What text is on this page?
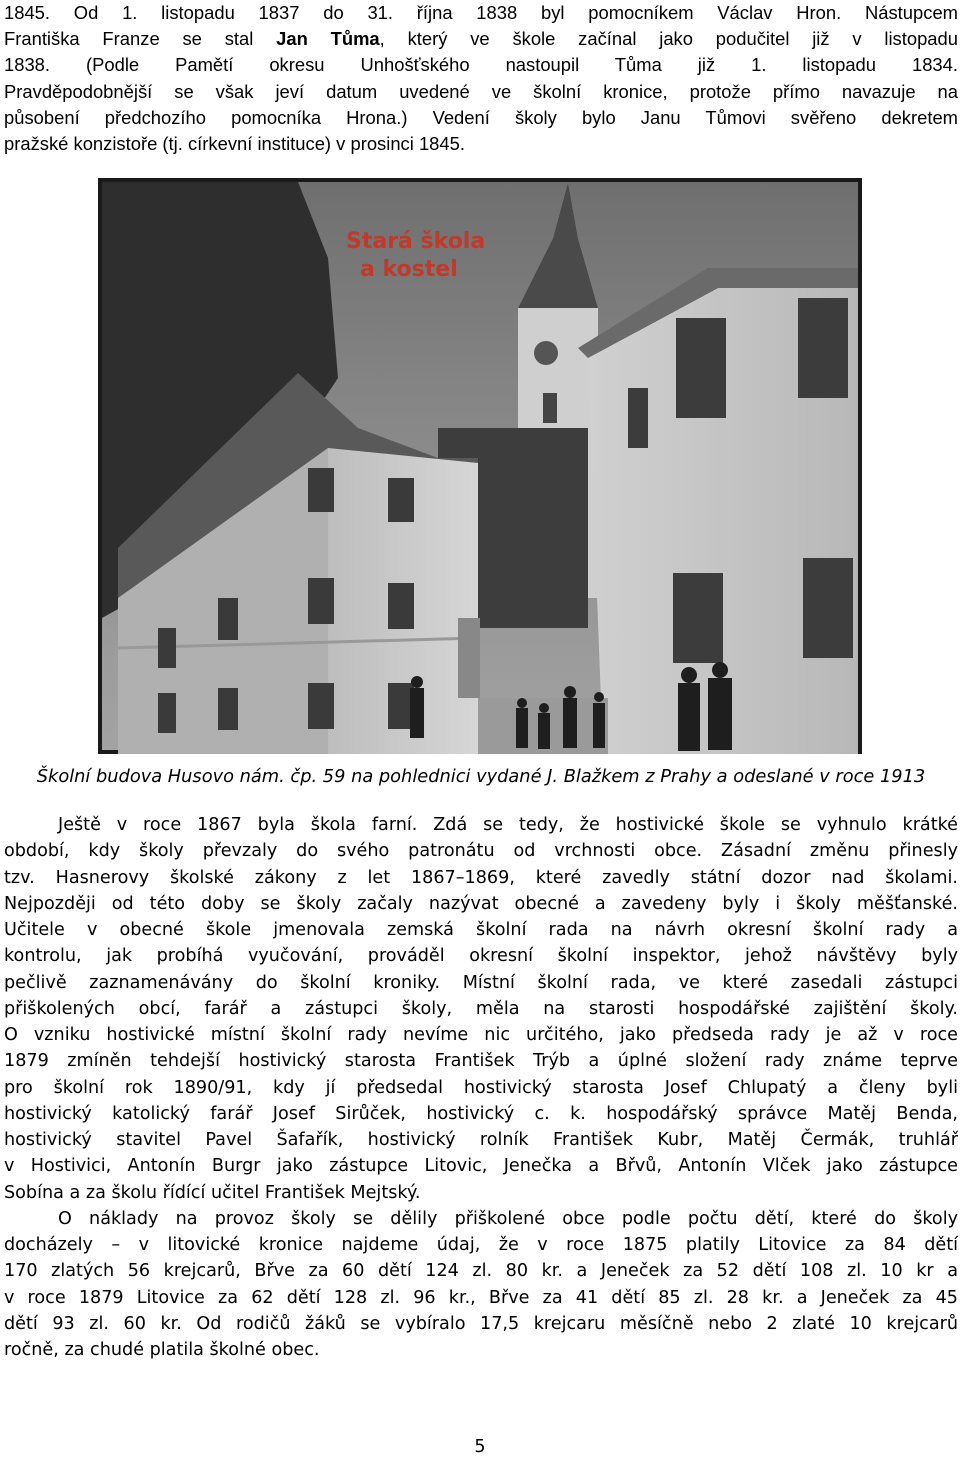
1845. Od 1. listopadu 1837 do 31. října 1838 byl pomocníkem Václav Hron. Nástupcem
Františka Franze se stal Jan Tůma, který ve škole začínal jako podučitel již v listopadu
1838. (Podle Pamětí okresu Unhošťského nastoupil Tůma již 1. listopadu 1834.
Pravděpodobnější se však jeví datum uvedené ve školní kronice, protože přímo navazuje na
působení předchozího pomocníka Hrona.) Vedení školy bylo Janu Tůmovi svěřeno dekretem
pražské konzistoře (tj. církevní instituce) v prosinci 1845.
Stará škola
a kostel
Školní budova Husovo nám. čp. 59 na pohlednici vydané J. Blažkem z Prahy a odeslané v roce 1913
Ještě v roce 1867 byla škola farní. Zdá se tedy, že hostivické škole se vyhnulo krátké
období, kdy školy převzaly do svého patronátu od vrchnosti obce. Zásadní změnu přinesly
tzv. Hasnerovy školské zákony z let 1867–1869, které zavedly státní dozor nad školami.
Nejpozději od této doby se školy začaly nazývat obecné a zavedeny byly i školy měšťanské.
Učitele v obecné škole jmenovala zemská školní rada na návrh okresní školní rady a
kontrolu, jak probíhá vyučování, prováděl okresní školní inspektor, jehož návštěvy byly
pečlivě zaznamenávány do školní kroniky. Místní školní rada, ve které zasedali zástupci
přiškolených obcí, farář a zástupci školy, měla na starosti hospodářské zajištění školy.
O vzniku hostivické místní školní rady nevíme nic určitého, jako předseda rady je až v roce
1879 zmíněn tehdejší hostivický starosta František Trýb a úplné složení rady známe teprve
pro školní rok 1890/91, kdy jí předsedal hostivický starosta Josef Chlupatý a členy byli
hostivický katolický farář Josef Sirůček, hostivický c. k. hospodářský správce Matěj Benda,
hostivický stavitel Pavel Šafařík, hostivický rolník František Kubr, Matěj Čermák, truhlář
v Hostivici, Antonín Burgr jako zástupce Litovic, Jenečka a Břvů, Antonín Vlček jako zástupce
Sobína a za školu řídící učitel František Mejtský.
O náklady na provoz školy se dělily přiškolené obce podle počtu dětí, které do školy
docházely – v litovické kronice najdeme údaj, že v roce 1875 platily Litovice za 84 dětí
170 zlatých 56 krejcarů, Břve za 60 dětí 124 zl. 80 kr. a Jeneček za 52 dětí 108 zl. 10 kr a
v roce 1879 Litovice za 62 dětí 128 zl. 96 kr., Břve za 41 dětí 85 zl. 28 kr. a Jeneček za 45
dětí 93 zl. 60 kr. Od rodičů žáků se vybíralo 17,5 krejcaru měsíčně nebo 2 zlaté 10 krejcarů
ročně, za chudé platila školné obec.
5
